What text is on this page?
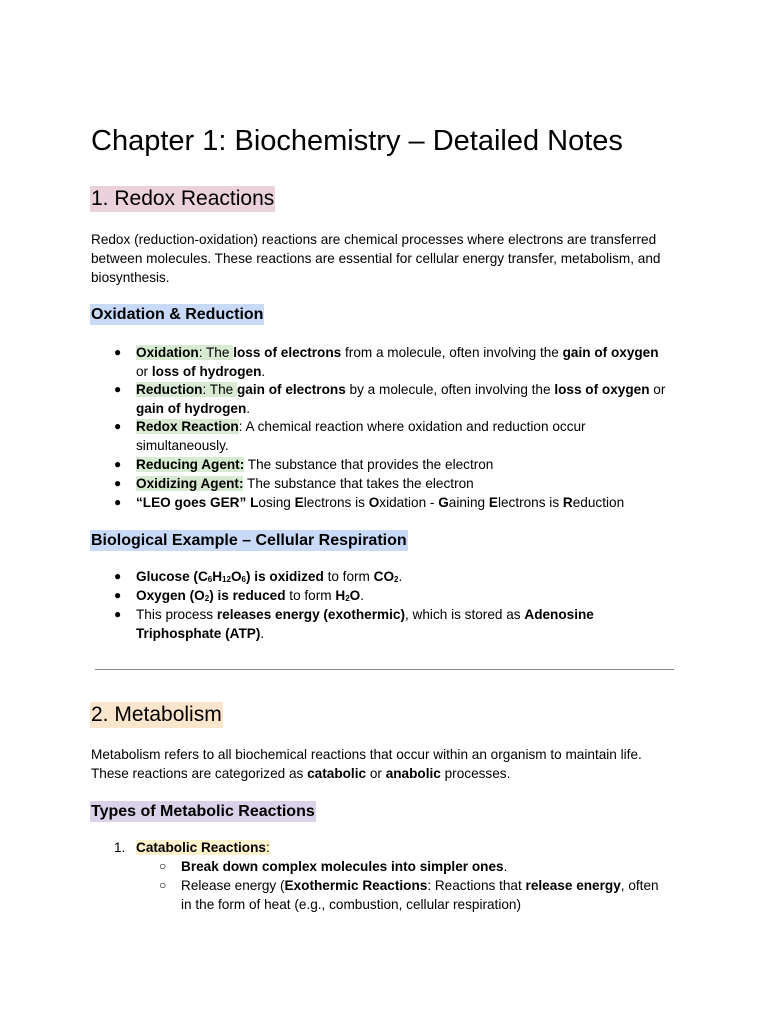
Chapter 1: Biochemistry – Detailed Notes
1. Redox Reactions
Redox (reduction-oxidation) reactions are chemical processes where electrons are transferred
between molecules. These reactions are essential for cellular energy transfer, metabolism, and
biosynthesis.
Oxidation & Reduction
● Oxidation: The loss of electrons from a molecule, often involving the gain of oxygen
or loss of hydrogen.
● Reduction: The gain of electrons by a molecule, often involving the loss of oxygen or
gain of hydrogen.
● Redox Reaction: A chemical reaction where oxidation and reduction occur
simultaneously.
● Reducing Agent: The substance that provides the electron
● Oxidizing Agent: The substance that takes the electron
● “LEO goes GER” Losing Electrons is Oxidation - Gaining Electrons is Reduction
Biological Example – Cellular Respiration
● Glucose $(C_6H_{12}O_6)$ is oxidized to form $CO_2$.
● Oxygen $(O_2)$ is reduced to form $H_2O$.
● This process releases energy (exothermic), which is stored as Adenosine
Triphosphate (ATP).
2. Metabolism
Metabolism refers to all biochemical reactions that occur within an organism to maintain life.
These reactions are categorized as catabolic or anabolic processes.
Types of Metabolic Reactions
1. Catabolic Reactions:
○ Break down complex molecules into simpler ones.
○ Release energy (Exothermic Reactions: Reactions that release energy, often
in the form of heat (e.g., combustion, cellular respiration)
